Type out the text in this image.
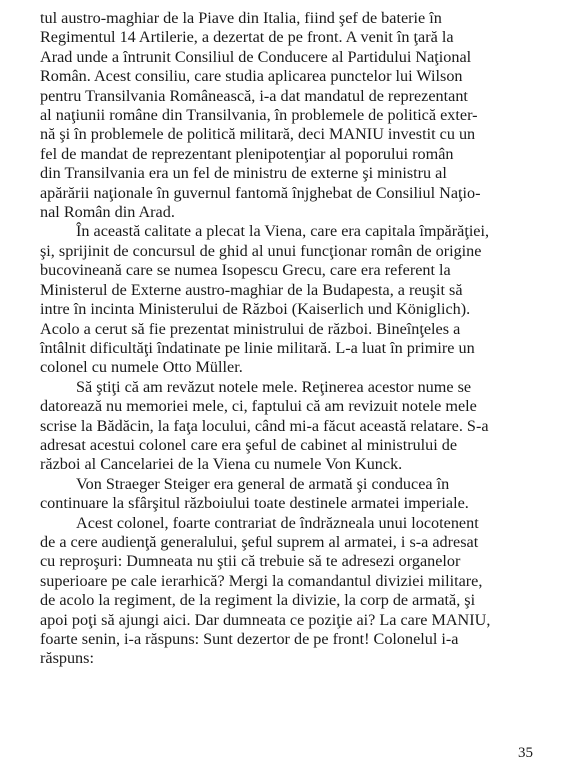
tul austro-maghiar de la Piave din Italia, fiind şef de baterie în
Regimentul 14 Artilerie, a dezertat de pe front. A venit în ţară la
Arad unde a întrunit Consiliul de Conducere al Partidului Naţional
Român. Acest consiliu, care studia aplicarea punctelor lui Wilson
pentru Transilvania Românească, i-a dat mandatul de reprezentant
al naţiunii române din Transilvania, în problemele de politică exter-
nă şi în problemele de politică militară, deci MANIU investit cu un
fel de mandat de reprezentant plenipotenţiar al poporului român
din Transilvania era un fel de ministru de externe şi ministru al
apărării naţionale în guvernul fantomă înjghebat de Consiliul Naţio-
nal Român din Arad.

În această calitate a plecat la Viena, care era capitala împărăţiei,
şi, sprijinit de concursul de ghid al unui funcţionar român de origine
bucovineană care se numea Isopescu Grecu, care era referent la
Ministerul de Externe austro-maghiar de la Budapesta, a reuşit să
intre în incinta Ministerului de Război (Kaiserlich und Königlich).
Acolo a cerut să fie prezentat ministrului de război. Bineînţeles a
întâlnit dificultăţi îndatinate pe linie militară. L-a luat în primire un
colonel cu numele Otto Müller.

Să ştiţi că am revăzut notele mele. Reţinerea acestor nume se
datorează nu memoriei mele, ci, faptului că am revizuit notele mele
scrise la Bădăcin, la faţa locului, când mi-a făcut această relatare. S-a
adresat acestui colonel care era şeful de cabinet al ministrului de
război al Cancelariei de la Viena cu numele Von Kunck.

Von Straeger Steiger era general de armată şi conducea în
continuare la sfârşitul războiului toate destinele armatei imperiale.

Acest colonel, foarte contrariat de îndrăzneala unui locotenent
de a cere audienţă generalului, şeful suprem al armatei, i s-a adresat
cu reproşuri: Dumneata nu ştii că trebuie să te adresezi organelor
superioare pe cale ierarhică? Mergi la comandantul diviziei militare,
de acolo la regiment, de la regiment la divizie, la corp de armată, şi
apoi poţi să ajungi aici. Dar dumneata ce poziţie ai? La care MANIU,
foarte senin, i-a răspuns: Sunt dezertor de pe front! Colonelul i-a
răspuns:

35
